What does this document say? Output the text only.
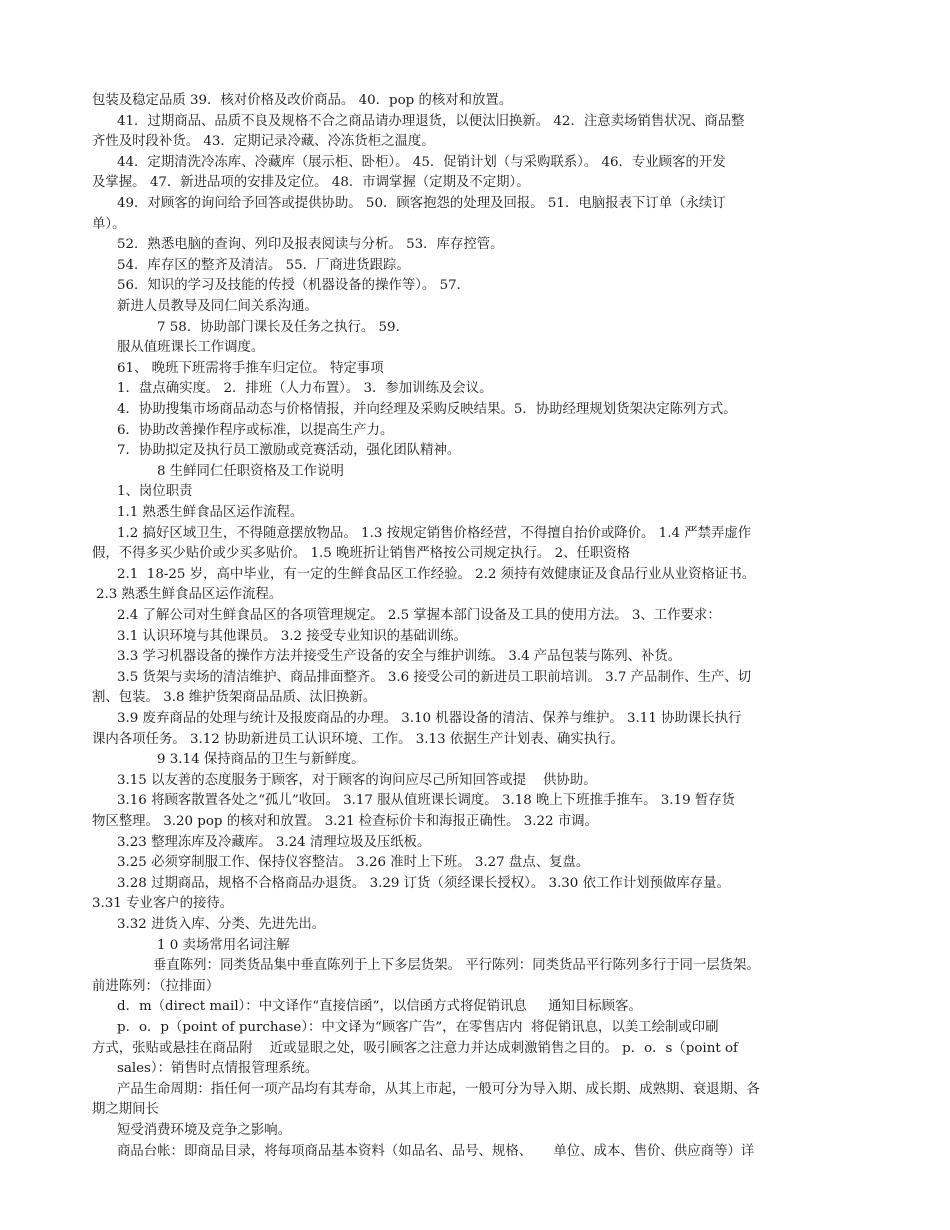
包装及稳定品质 39．核对价格及改价商品。 40．pop 的核对和放置。
41．过期商品、品质不良及规格不合之商品请办理退货，以便汰旧换新。 42．注意卖场销售状况、商品整
齐性及时段补货。 43．定期记录冷藏、冷冻货柜之温度。
44．定期清洗冷冻库、冷藏库（展示柜、卧柜）。 45．促销计划（与采购联系）。 46．专业顾客的开发
及掌握。 47．新进品项的安排及定位。 48．市调掌握（定期及不定期）。
49．对顾客的询问给予回答或提供协助。 50．顾客抱怨的处理及回报。 51．电脑报表下订单（永续订
单）。
52．熟悉电脑的查询、列印及报表阅读与分析。 53．库存控管。
54．库存区的整齐及清洁。 55．厂商进货跟踪。
56．知识的学习及技能的传授（机器设备的操作等）。 57．
新进人员教导及同仁间关系沟通。
7 58．协助部门课长及任务之执行。 59．
服从值班课长工作调度。
61、 晚班下班需将手推车归定位。 特定事项
1．盘点确实度。 2．排班（人力布置）。 3．参加训练及会议。
4．协助搜集市场商品动态与价格情报，并向经理及采购反映结果。5．协助经理规划货架决定陈列方式。
6．协助改善操作程序或标准，以提高生产力。
7．协助拟定及执行员工激励或竞赛活动，强化团队精神。
8 生鲜同仁任职资格及工作说明
1、岗位职责
1.1 熟悉生鲜食品区运作流程。
1.2 搞好区域卫生，不得随意摆放物品。 1.3 按规定销售价格经营，不得擅自抬价或降价。 1.4 严禁弄虚作
假，不得多买少贴价或少买多贴价。 1.5 晚班折让销售严格按公司规定执行。 2、任职资格
2.1  18-25 岁，高中毕业，有一定的生鲜食品区工作经验。 2.2 须持有效健康证及食品行业从业资格证书。
2.3 熟悉生鲜食品区运作流程。
2.4 了解公司对生鲜食品区的各项管理规定。 2.5 掌握本部门设备及工具的使用方法。 3、工作要求：
3.1 认识环境与其他课员。 3.2 接受专业知识的基础训练。
3.3 学习机器设备的操作方法并接受生产设备的安全与维护训练。 3.4 产品包装与陈列、补货。
3.5 货架与卖场的清洁维护、商品排面整齐。 3.6 接受公司的新进员工职前培训。 3.7 产品制作、生产、切
割、包装。 3.8 维护货架商品品质、汰旧换新。
3.9 废弃商品的处理与统计及报废商品的办理。 3.10 机器设备的清洁、保养与维护。 3.11 协助课长执行
课内各项任务。 3.12 协助新进员工认识环境、工作。 3.13 依据生产计划表、确实执行。
9 3.14 保持商品的卫生与新鲜度。
3.15 以友善的态度服务于顾客，对于顾客的询问应尽己所知回答或提    供协助。
3.16 将顾客散置各处之“孤儿”收回。 3.17 服从值班课长调度。 3.18 晚上下班推手推车。 3.19 暂存货
物区整理。 3.20 pop 的核对和放置。 3.21 检查标价卡和海报正确性。 3.22 市调。
3.23 整理冻库及冷藏库。 3.24 清理垃圾及压纸板。
3.25 必须穿制服工作、保持仪容整洁。 3.26 准时上下班。 3.27 盘点、复盘。
3.28 过期商品，规格不合格商品办退货。 3.29 订货（须经课长授权）。 3.30 依工作计划预做库存量。
3.31 专业客户的接待。
3.32 进货入库、分类、先进先出。
1 0 卖场常用名词注解
垂直陈列：同类货品集中垂直陈列于上下多层货架。 平行陈列：同类货品平行陈列多行于同一层货架。
前进陈列：（拉排面）
d．m（direct mail）：中文译作“直接信函”，以信函方式将促销讯息     通知目标顾客。
p．o．p（point of purchase）：中文译为“顾客广告”，在零售店内  将促销讯息，以美工绘制或印刷
方式，张贴或悬挂在商品附    近或显眼之处，吸引顾客之注意力并达成刺激销售之目的。 p．o．s（point of
sales）：销售时点情报管理系统。
产品生命周期：指任何一项产品均有其寿命，从其上市起，一般可分为导入期、成长期、成熟期、衰退期、各
期之期间长
短受消费环境及竞争之影响。
商品台帐：即商品目录，将每项商品基本资料（如品名、品号、规格、     单位、成本、售价、供应商等）详
